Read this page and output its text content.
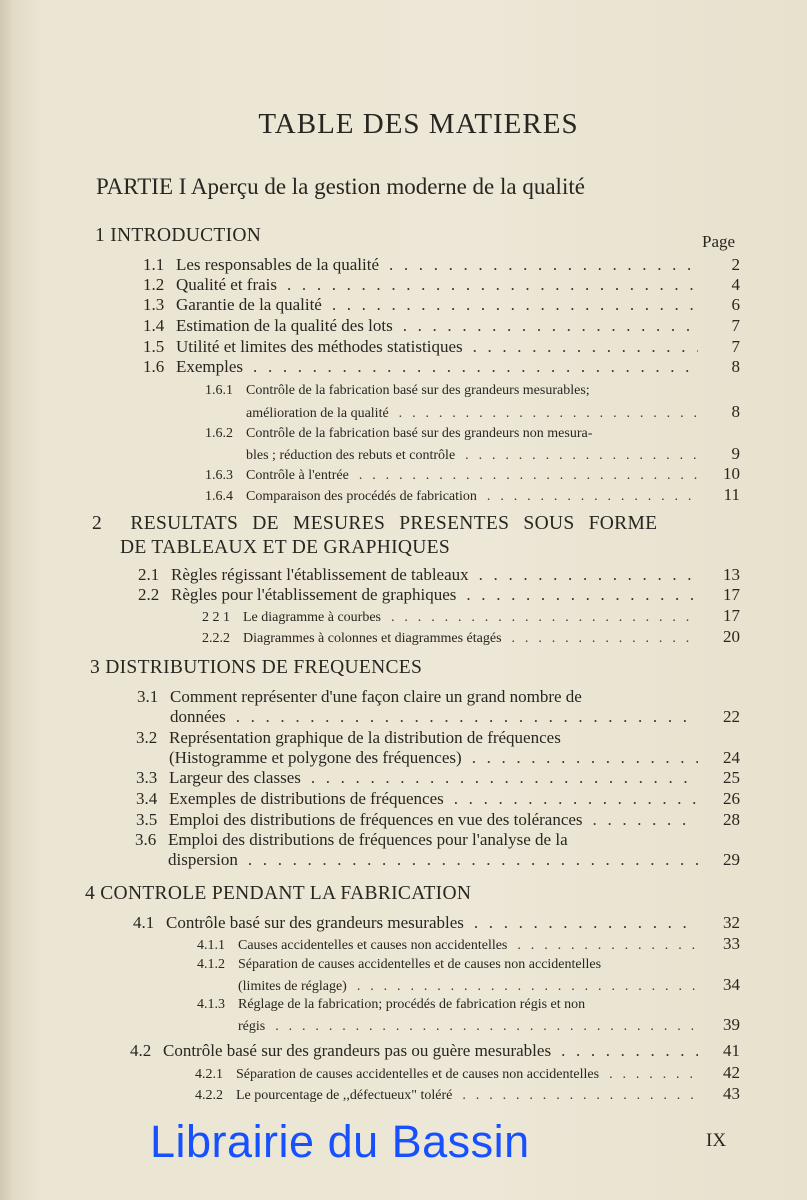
TABLE DES MATIERES
PARTIE I Aperçu de la gestion moderne de la qualité
1 INTRODUCTION	Page
1.1 Les responsables de la qualité . . .	2
1.2 Qualité et frais . . .	4
1.3 Garantie de la qualité . . .	6
1.4 Estimation de la qualité des lots . . .	7
1.5 Utilité et limites des méthodes statistiques . . .	7
1.6 Exemples . . .	8
1.6.1 Contrôle de la fabrication basé sur des grandeurs mesurables;
amélioration de la qualité . . .	8
1.6.2 Contrôle de la fabrication basé sur des grandeurs non mesura-
bles ; réduction des rebuts et contrôle . . .	9
1.6.3 Contrôle à l'entrée . . .	10
1.6.4 Comparaison des procédés de fabrication . . .	11
2 RESULTATS DE MESURES PRESENTES SOUS FORME
DE TABLEAUX ET DE GRAPHIQUES
2.1 Règles régissant l'établissement de tableaux . . .	13
2.2 Règles pour l'établissement de graphiques . . .	17
2 2 1 Le diagramme à courbes . . .	17
2.2.2 Diagrammes à colonnes et diagrammes étagés . . .	20
3 DISTRIBUTIONS DE FREQUENCES
3.1 Comment représenter d'une façon claire un grand nombre de
données . . .	22
3.2 Représentation graphique de la distribution de fréquences
(Histogramme et polygone des fréquences) . . .	24
3.3 Largeur des classes . . .	25
3.4 Exemples de distributions de fréquences . . .	26
3.5 Emploi des distributions de fréquences en vue des tolérances . . .	28
3.6 Emploi des distributions de fréquences pour l'analyse de la
dispersion . . .	29
4 CONTROLE PENDANT LA FABRICATION
4.1 Contrôle basé sur des grandeurs mesurables . . .	32
4.1.1 Causes accidentelles et causes non accidentelles . . .	33
4.1.2 Séparation de causes accidentelles et de causes non accidentelles
(limites de réglage) . . .	34
4.1.3 Réglage de la fabrication; procédés de fabrication régis et non
régis . . .	39
4.2 Contrôle basé sur des grandeurs pas ou guère mesurables . . .	41
4.2.1 Séparation de causes accidentelles et de causes non accidentelles . . .	42
4.2.2 Le pourcentage de ,,défectueux" toléré . . .	43
Librairie du Bassin	IX
